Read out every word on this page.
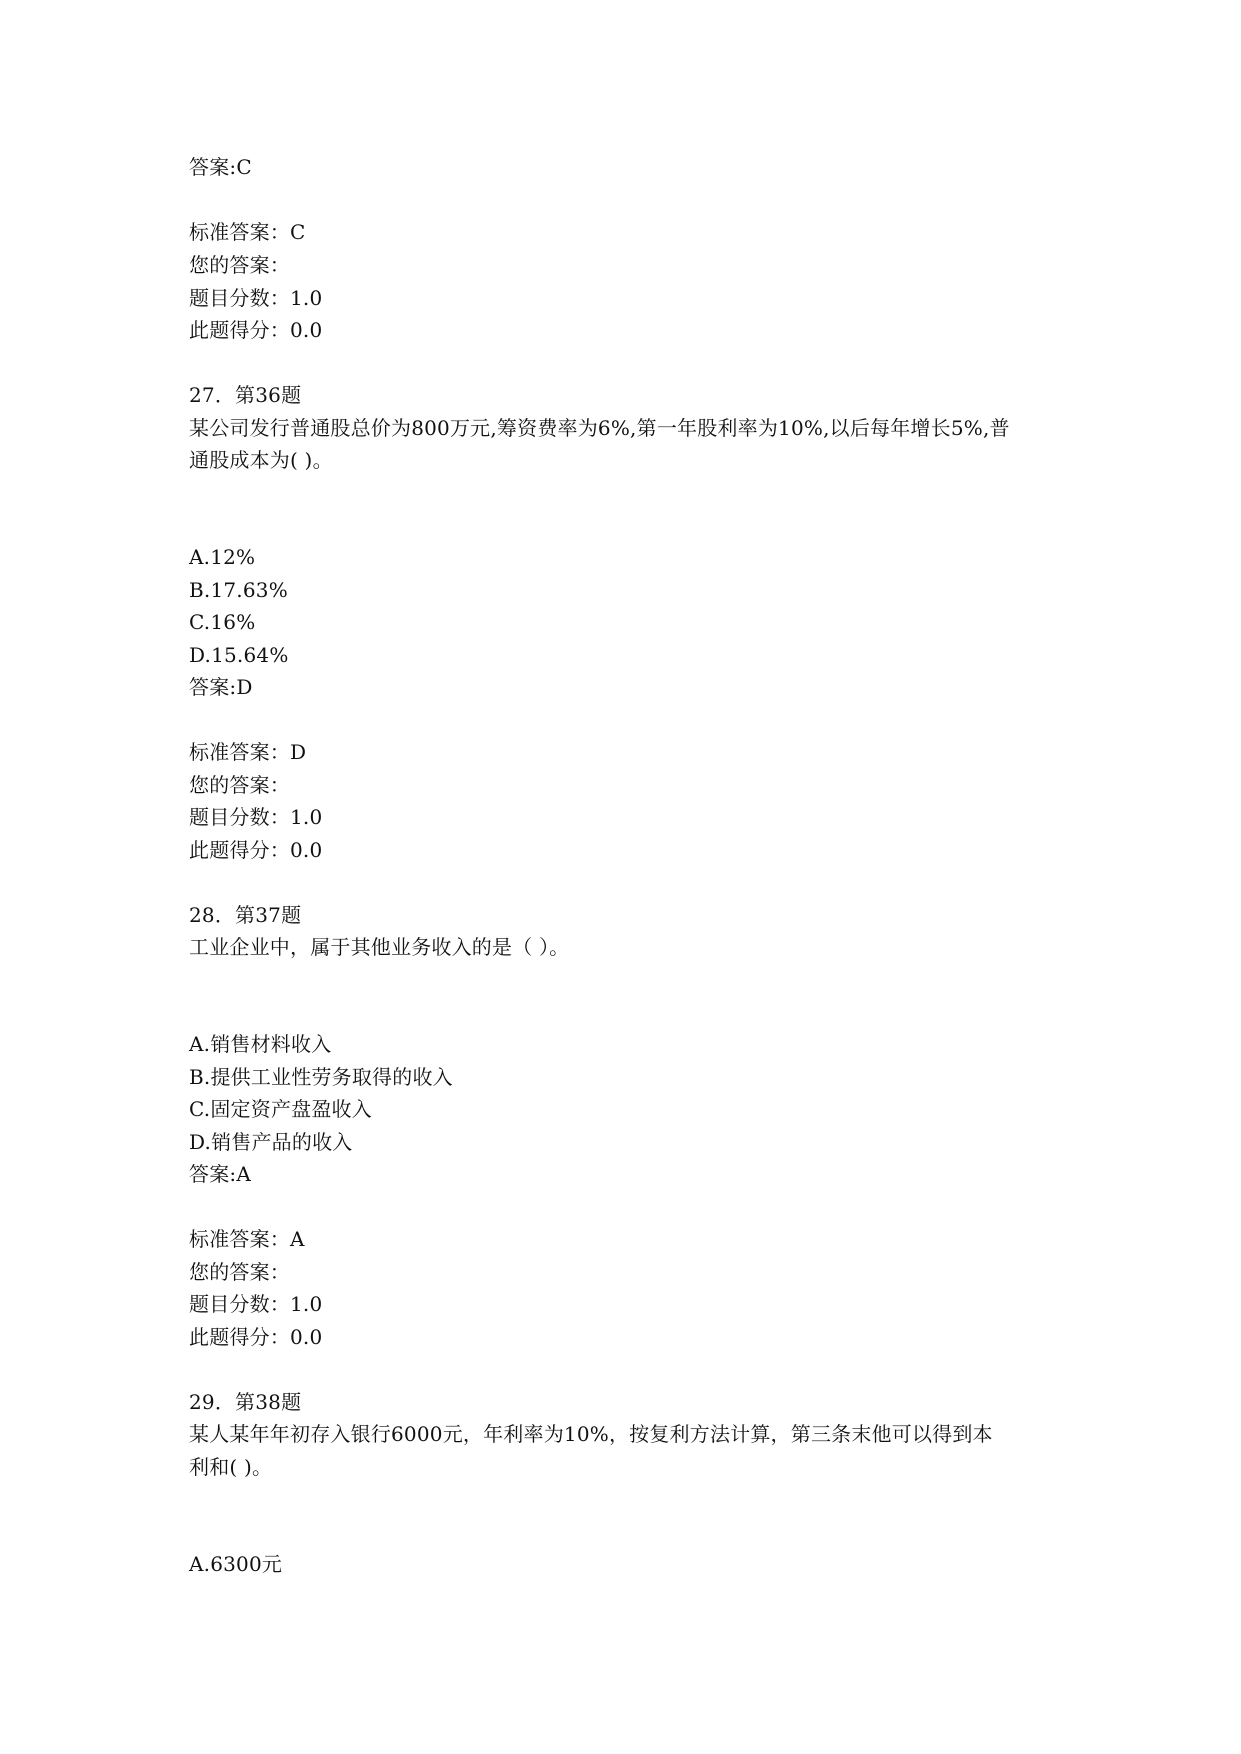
答案:C
标准答案：C
您的答案：
题目分数：1.0
此题得分：0.0
27．第36题
某公司发行普通股总价为800万元,筹资费率为6%,第一年股利率为10%,以后每年增长5%,普
通股成本为( )。
A.12%
B.17.63%
C.16%
D.15.64%
答案:D
标准答案：D
您的答案：
题目分数：1.0
此题得分：0.0
28．第37题
工业企业中，属于其他业务收入的是（ ）。
A.销售材料收入
B.提供工业性劳务取得的收入
C.固定资产盘盈收入
D.销售产品的收入
答案:A
标准答案：A
您的答案：
题目分数：1.0
此题得分：0.0
29．第38题
某人某年年初存入银行6000元，年利率为10%，按复利方法计算，第三条末他可以得到本
利和( )。
A.6300元
